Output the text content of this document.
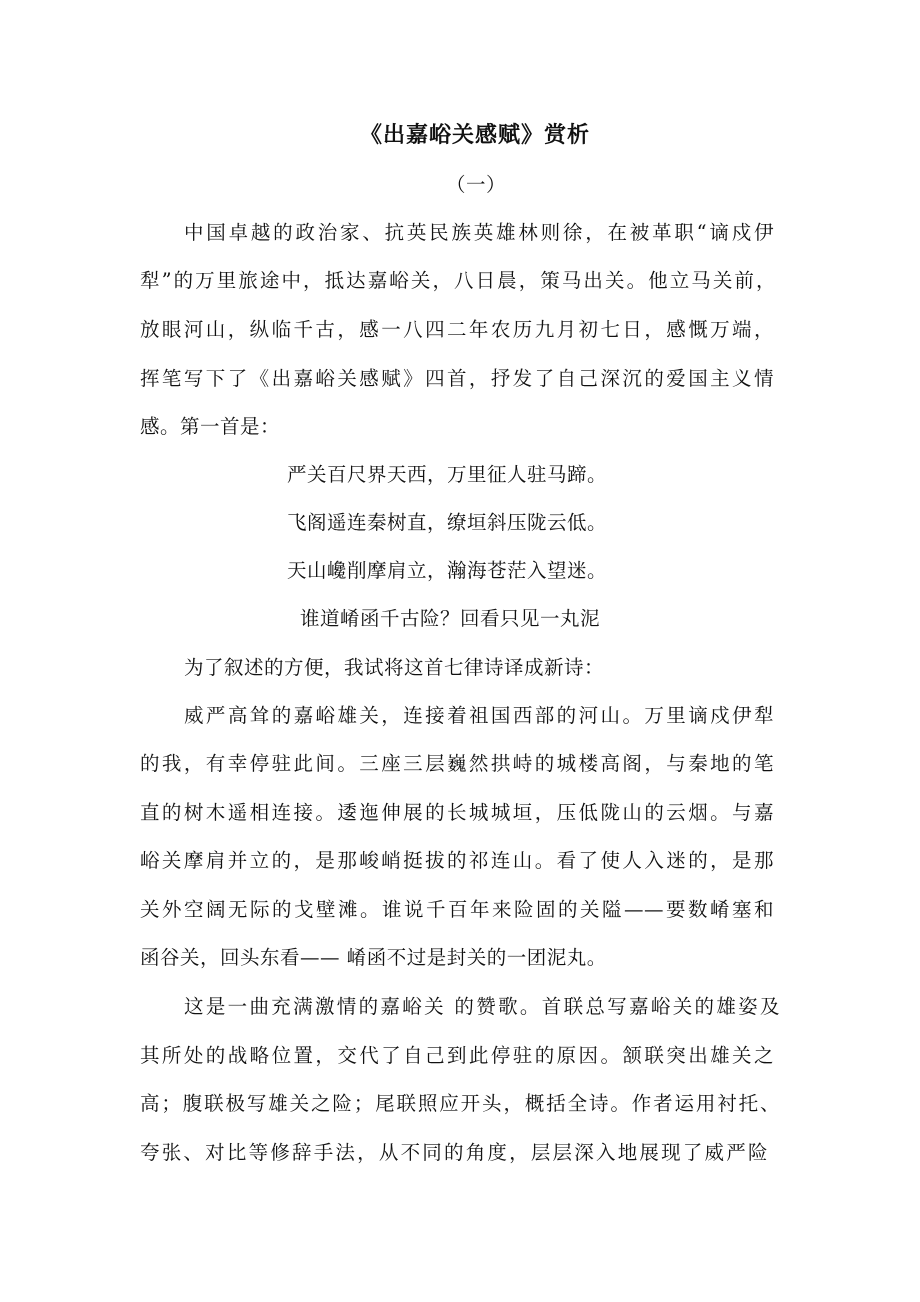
《出嘉峪关感赋》赏析
（一）
中国卓越的政治家、抗英民族英雄林则徐，在被革职“谪戍伊
犁”的万里旅途中，抵达嘉峪关，八日晨，策马出关。他立马关前，
放眼河山，纵临千古，感一八四二年农历九月初七日，感慨万端，
挥笔写下了《出嘉峪关感赋》四首，抒发了自己深沉的爱国主义情
感。第一首是：
严关百尺界天西，万里征人驻马蹄。
飞阁遥连秦树直，缭垣斜压陇云低。
天山巉削摩肩立，瀚海苍茫入望迷。
谁道崤函千古险？回看只见一丸泥
为了叙述的方便，我试将这首七律诗译成新诗：
威严高耸的嘉峪雄关，连接着祖国西部的河山。万里谪戍伊犁
的我，有幸停驻此间。三座三层巍然拱峙的城楼高阁，与秦地的笔
直的树木遥相连接。逶迤伸展的长城城垣，压低陇山的云烟。与嘉
峪关摩肩并立的，是那峻峭挺拔的祁连山。看了使人入迷的，是那
关外空阔无际的戈壁滩。谁说千百年来险固的关隘——要数崤塞和
函谷关，回头东看—— 崤函不过是封关的一团泥丸。
这是一曲充满激情的嘉峪关 的赞歌。首联总写嘉峪关的雄姿及
其所处的战略位置，交代了自己到此停驻的原因。颔联突出雄关之
高；腹联极写雄关之险；尾联照应开头，概括全诗。作者运用衬托、
夸张、对比等修辞手法，从不同的角度，层层深入地展现了威严险
